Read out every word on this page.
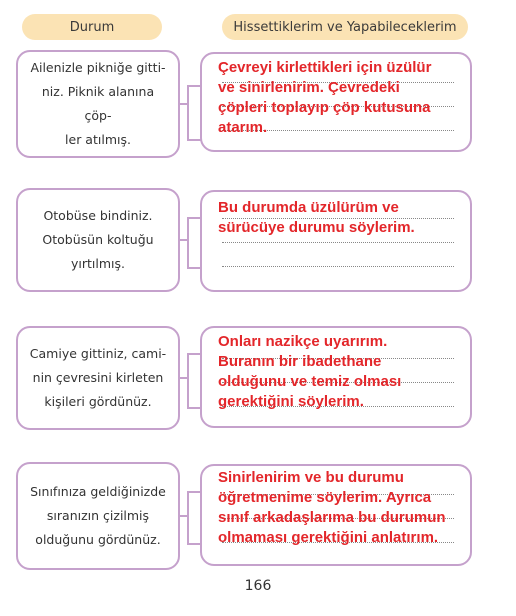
Durum	Hissettiklerim ve Yapabileceklerim
Ailenizle pikniğe gitti-
niz. Piknik alanına çöp-
ler atılmış.
Çevreyi kirlettikleri için üzülür
ve sinirlenirim. Çevredeki
çöpleri toplayıp çöp kutusuna
atarım.
Otobüse bindiniz.
Otobüsün koltuğu
yırtılmış.
Bu durumda üzülürüm ve
sürücüye durumu söylerim.
Camiye gittiniz, cami-
nin çevresini kirleten
kişileri gördünüz.
Onları nazikçe uyarırım.
Buranın bir ibadethane
olduğunu ve temiz olması
gerektiğini söylerim.
Sınıfınıza geldiğinizde
sıranızın çizilmiş
olduğunu gördünüz.
Sinirlenirim ve bu durumu
öğretmenime söylerim. Ayrıca
sınıf arkadaşlarıma bu durumun
olmaması gerektiğini anlatırım.
166
